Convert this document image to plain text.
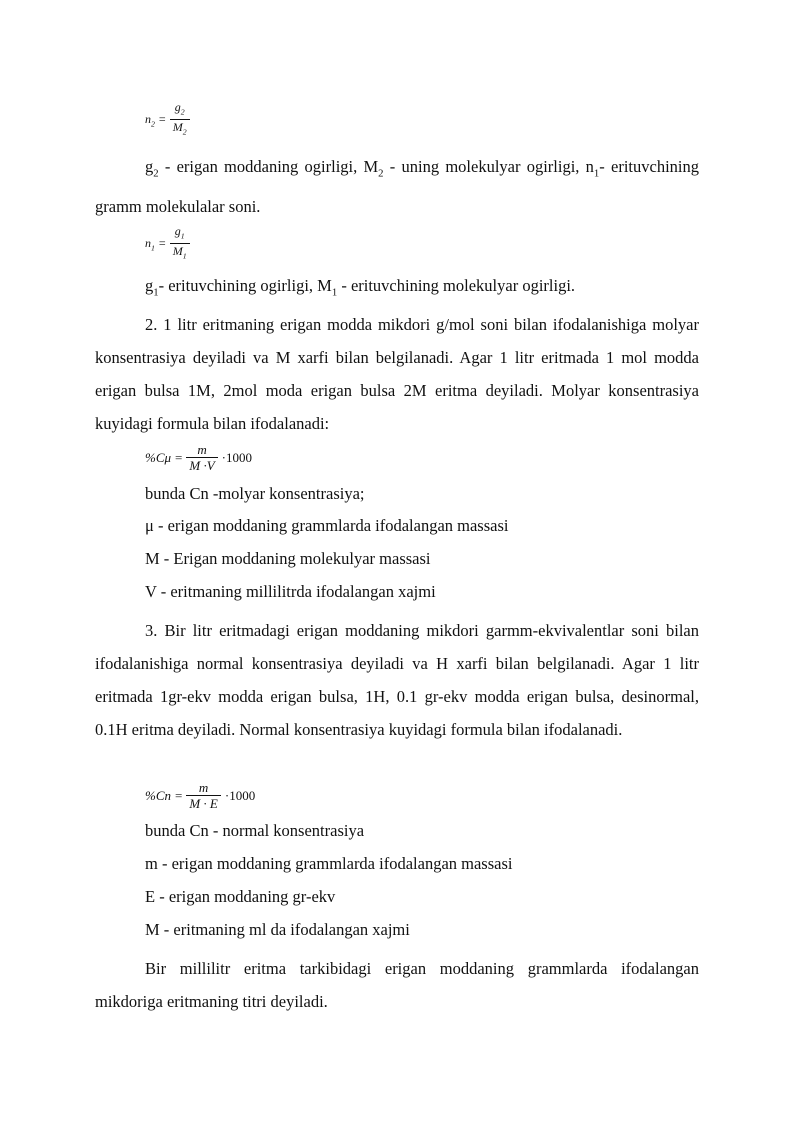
$n_2 = \frac{g_2}{M_2}$
$g_2$ - erigan moddaning ogirligi, $M_2$ - uning molekulyar ogirligi, $n_1-$ erituvchining gramm molekulalar soni.
$n_1 = \frac{g_1}{M_1}$
$g_1-$ erituvchining ogirligi, $M_1$ - erituvchining molekulyar ogirligi.
2. 1 litr eritmaning erigan modda mikdori g/mol soni bilan ifodalanishiga molyar konsentrasiya deyiladi va M xarfi bilan belgilanadi. Agar 1 litr eritmada 1 mol modda erigan bulsa 1M, 2mol moda erigan bulsa 2M eritma deyiladi. Molyar konsentrasiya kuyidagi formula bilan ifodalanadi:
$\%C\mu = \frac{m}{M \cdot V} \cdot 1000$
bunda Cn -molyar konsentrasiya;
μ - erigan moddaning grammlarda ifodalangan massasi
M - Erigan moddaning molekulyar massasi
V - eritmaning millilitrda ifodalangan xajmi
3. Bir litr eritmadagi erigan moddaning mikdori garmm-ekvivalentlar soni bilan ifodalanishiga normal konsentrasiya deyiladi va H xarfi bilan belgilanadi. Agar 1 litr eritmada 1gr-ekv modda erigan bulsa, 1H, 0.1 gr-ekv modda erigan bulsa, desinormal, 0.1H eritma deyiladi. Normal konsentrasiya kuyidagi formula bilan ifodalanadi.
$\%Cn = \frac{m}{M \cdot E} \cdot 1000$
bunda Cn - normal konsentrasiya
m - erigan moddaning grammlarda ifodalangan massasi
E - erigan moddaning gr-ekv
M - eritmaning ml da ifodalangan xajmi
Bir millilitr eritma tarkibidagi erigan moddaning grammlarda ifodalangan mikdoriga eritmaning titri deyiladi.
